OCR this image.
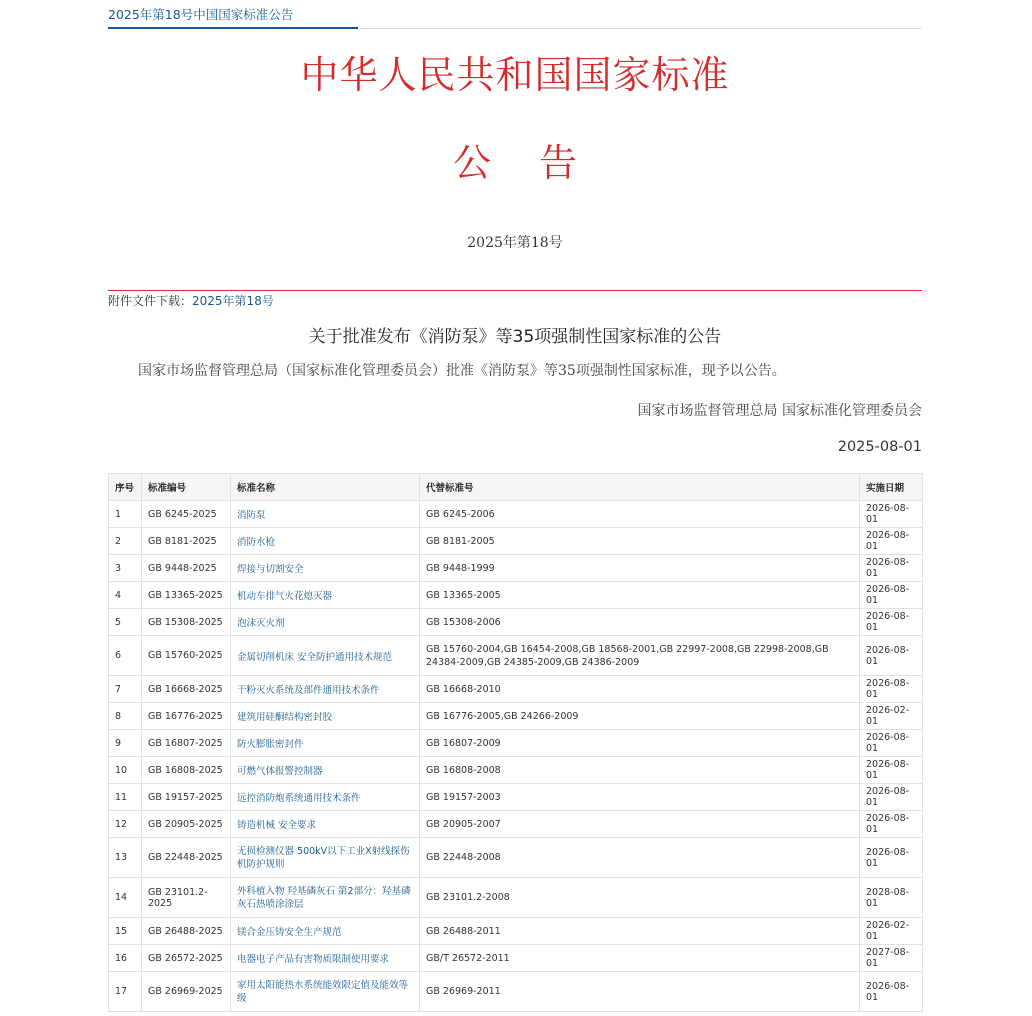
2025年第18号中国国家标准公告
中华人民共和国国家标准
公 告
2025年第18号
附件文件下载：2025年第18号
关于批准发布《消防泵》等35项强制性国家标准的公告
国家市场监督管理总局（国家标准化管理委员会）批准《消防泵》等35项强制性国家标准，现予以公告。
国家市场监督管理总局 国家标准化管理委员会
2025-08-01
序号	标准编号	标准名称	代替标准号	实施日期
1	GB 6245-2025	消防泵	GB 6245-2006	2026-08-01
2	GB 8181-2025	消防水枪	GB 8181-2005	2026-08-01
3	GB 9448-2025	焊接与切割安全	GB 9448-1999	2026-08-01
4	GB 13365-2025	机动车排气火花熄灭器	GB 13365-2005	2026-08-01
5	GB 15308-2025	泡沫灭火剂	GB 15308-2006	2026-08-01
6	GB 15760-2025	金属切削机床 安全防护通用技术规范	GB 15760-2004,GB 16454-2008,GB 18568-2001,GB 22997-2008,GB 22998-2008,GB 24384-2009,GB 24385-2009,GB 24386-2009	2026-08-01
7	GB 16668-2025	干粉灭火系统及部件通用技术条件	GB 16668-2010	2026-08-01
8	GB 16776-2025	建筑用硅酮结构密封胶	GB 16776-2005,GB 24266-2009	2026-02-01
9	GB 16807-2025	防火膨胀密封件	GB 16807-2009	2026-08-01
10	GB 16808-2025	可燃气体报警控制器	GB 16808-2008	2026-08-01
11	GB 19157-2025	远控消防炮系统通用技术条件	GB 19157-2003	2026-08-01
12	GB 20905-2025	铸造机械 安全要求	GB 20905-2007	2026-08-01
13	GB 22448-2025	无损检测仪器 500kV以下工业X射线探伤机防护规则	GB 22448-2008	2026-08-01
14	GB 23101.2-2025	外科植入物 羟基磷灰石 第2部分：羟基磷灰石热喷涂涂层	GB 23101.2-2008	2028-08-01
15	GB 26488-2025	镁合金压铸安全生产规范	GB 26488-2011	2026-02-01
16	GB 26572-2025	电器电子产品有害物质限制使用要求	GB/T 26572-2011	2027-08-01
17	GB 26969-2025	家用太阳能热水系统能效限定值及能效等级	GB 26969-2011	2026-08-01
